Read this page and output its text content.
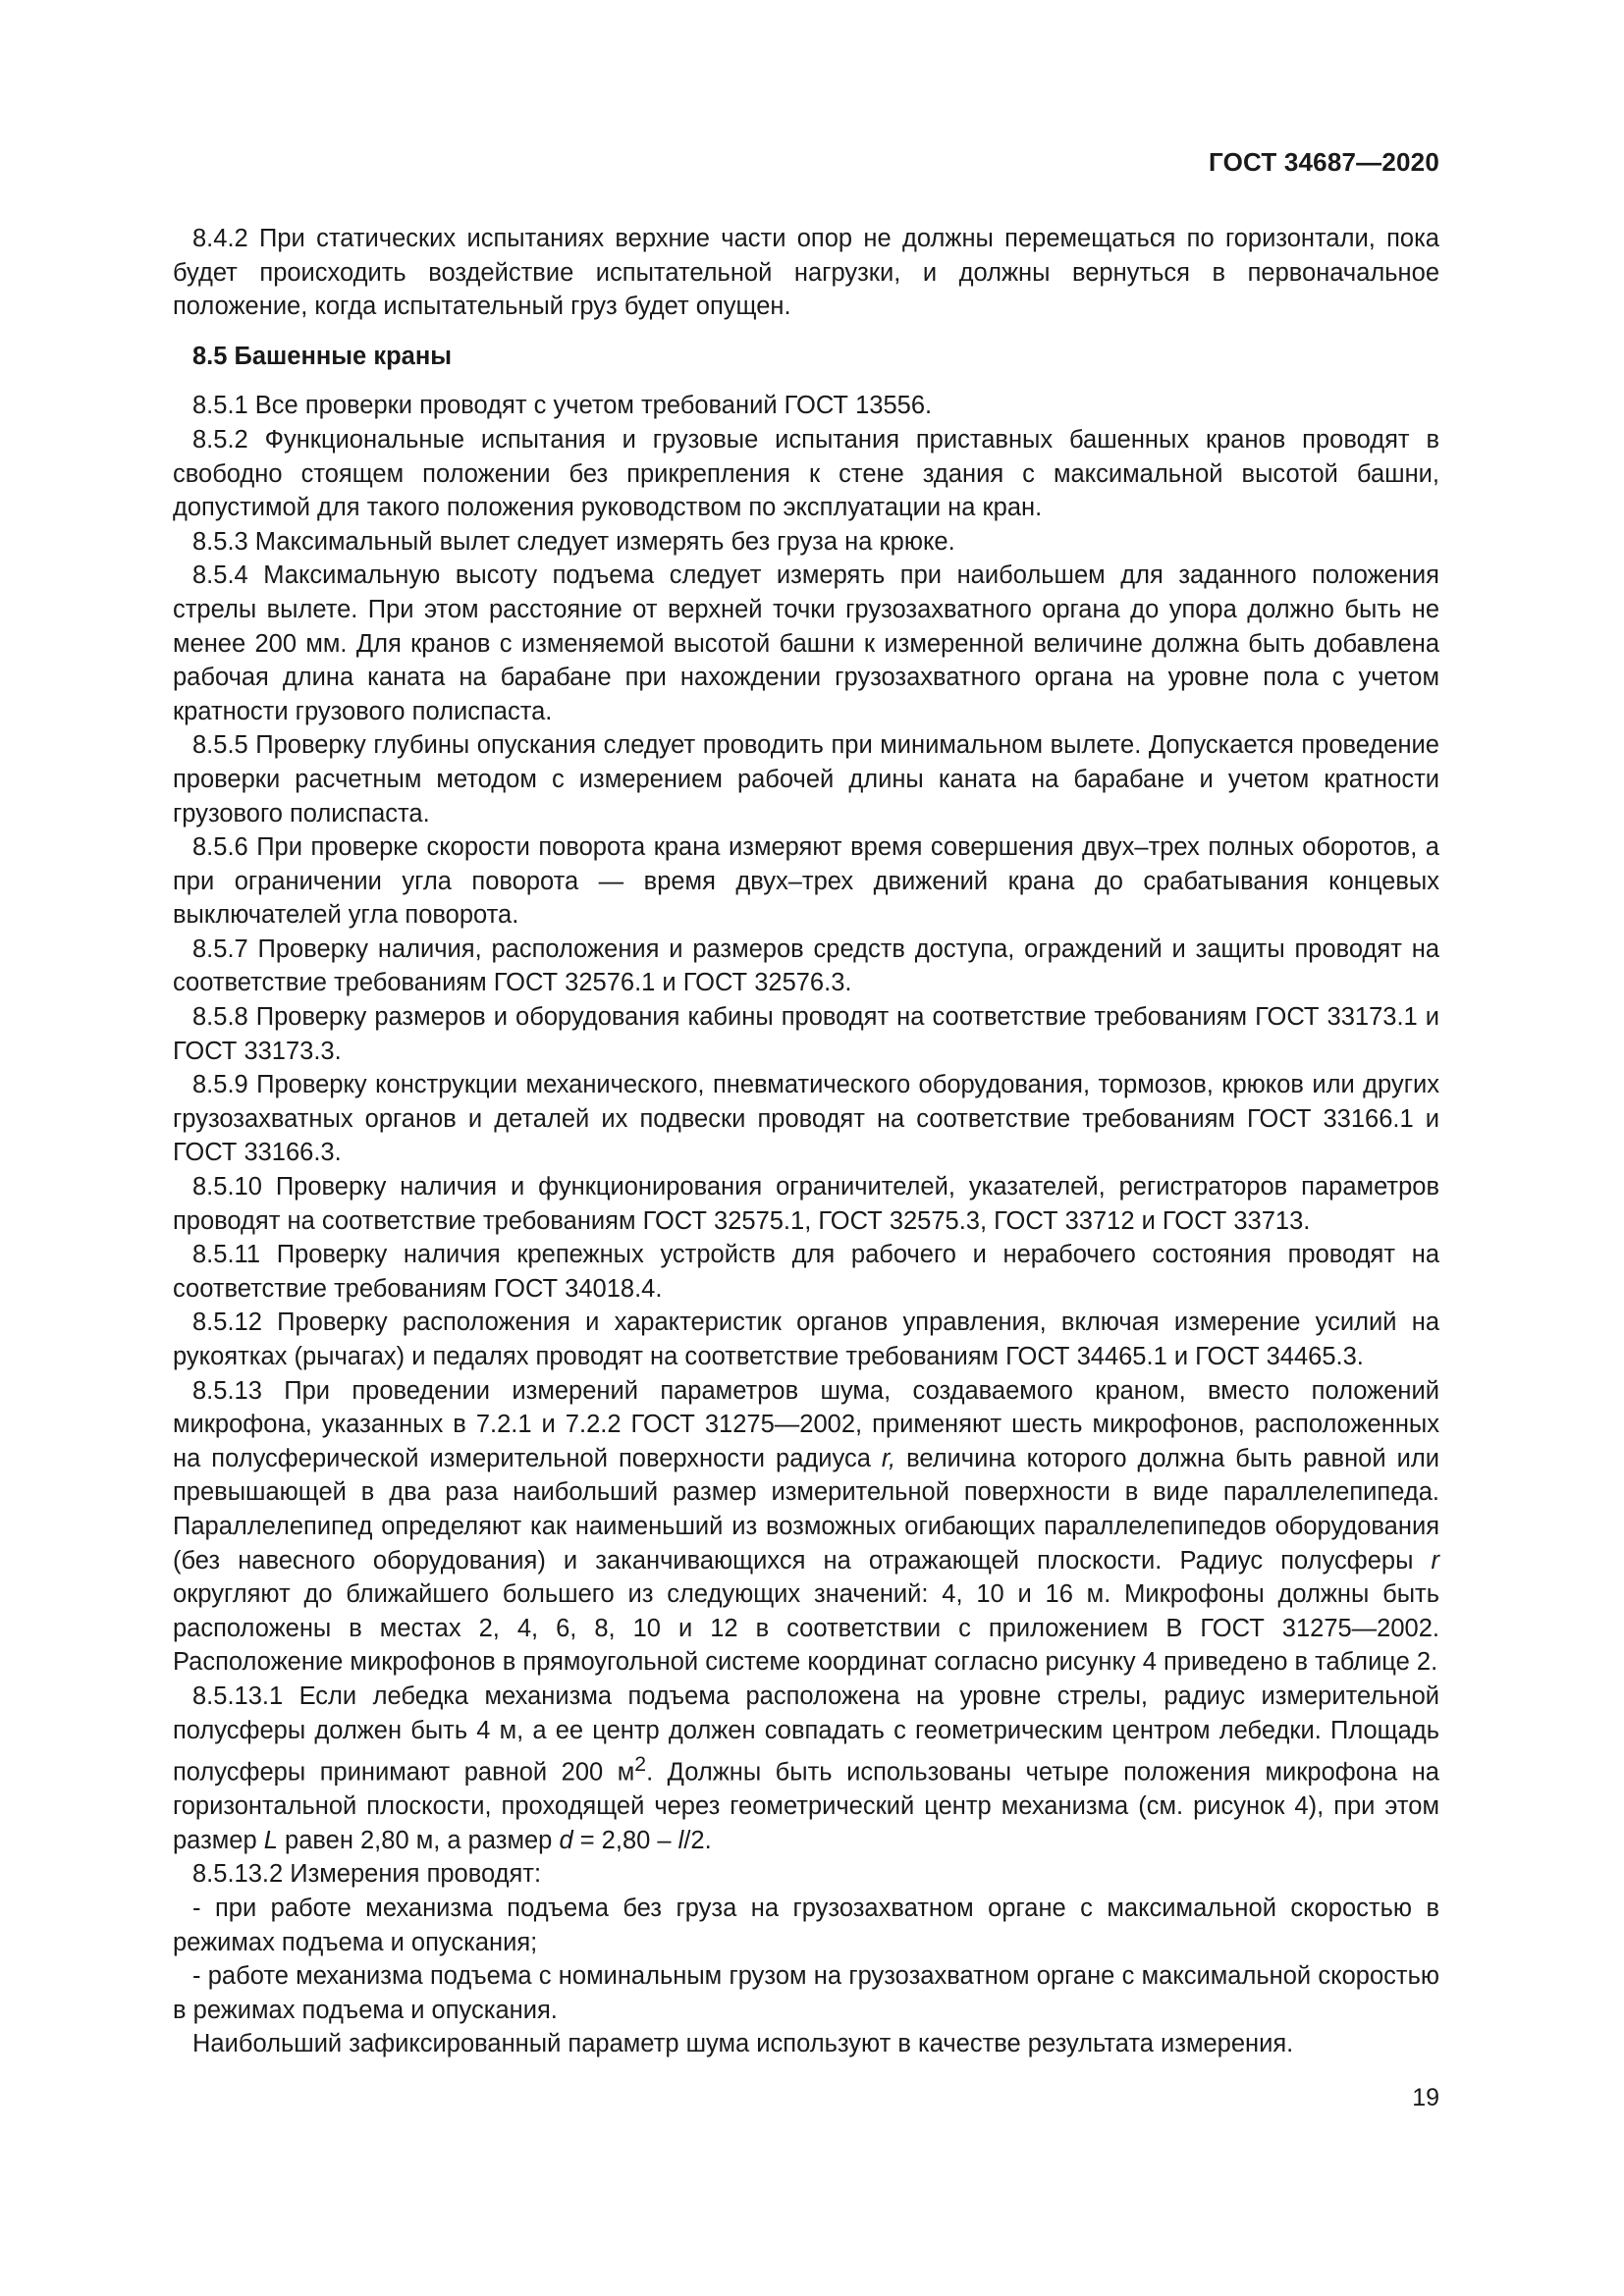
ГОСТ 34687—2020

8.4.2 При статических испытаниях верхние части опор не должны перемещаться по горизонтали, пока будет происходить воздействие испытательной нагрузки, и должны вернуться в первоначальное положение, когда испытательный груз будет опущен.

8.5 Башенные краны

8.5.1 Все проверки проводят с учетом требований ГОСТ 13556.

8.5.2 Функциональные испытания и грузовые испытания приставных башенных кранов проводят в свободно стоящем положении без прикрепления к стене здания с максимальной высотой башни, допустимой для такого положения руководством по эксплуатации на кран.

8.5.3 Максимальный вылет следует измерять без груза на крюке.

8.5.4 Максимальную высоту подъема следует измерять при наибольшем для заданного положения стрелы вылете. При этом расстояние от верхней точки грузозахватного органа до упора должно быть не менее 200 мм. Для кранов с изменяемой высотой башни к измеренной величине должна быть добавлена рабочая длина каната на барабане при нахождении грузозахватного органа на уровне пола с учетом кратности грузового полиспаста.

8.5.5 Проверку глубины опускания следует проводить при минимальном вылете. Допускается проведение проверки расчетным методом с измерением рабочей длины каната на барабане и учетом кратности грузового полиспаста.

8.5.6 При проверке скорости поворота крана измеряют время совершения двух–трех полных оборотов, а при ограничении угла поворота — время двух–трех движений крана до срабатывания концевых выключателей угла поворота.

8.5.7 Проверку наличия, расположения и размеров средств доступа, ограждений и защиты проводят на соответствие требованиям ГОСТ 32576.1 и ГОСТ 32576.3.

8.5.8 Проверку размеров и оборудования кабины проводят на соответствие требованиям ГОСТ 33173.1 и ГОСТ 33173.3.

8.5.9 Проверку конструкции механического, пневматического оборудования, тормозов, крюков или других грузозахватных органов и деталей их подвески проводят на соответствие требованиям ГОСТ 33166.1 и ГОСТ 33166.3.

8.5.10 Проверку наличия и функционирования ограничителей, указателей, регистраторов параметров проводят на соответствие требованиям ГОСТ 32575.1, ГОСТ 32575.3, ГОСТ 33712 и ГОСТ 33713.

8.5.11 Проверку наличия крепежных устройств для рабочего и нерабочего состояния проводят на соответствие требованиям ГОСТ 34018.4.

8.5.12 Проверку расположения и характеристик органов управления, включая измерение усилий на рукоятках (рычагах) и педалях проводят на соответствие требованиям ГОСТ 34465.1 и ГОСТ 34465.3.

8.5.13 При проведении измерений параметров шума, создаваемого краном, вместо положений микрофона, указанных в 7.2.1 и 7.2.2 ГОСТ 31275—2002, применяют шесть микрофонов, расположенных на полусферической измерительной поверхности радиуса r, величина которого должна быть равной или превышающей в два раза наибольший размер измерительной поверхности в виде параллелепипеда. Параллелепипед определяют как наименьший из возможных огибающих параллелепипедов оборудования (без навесного оборудования) и заканчивающихся на отражающей плоскости. Радиус полусферы r округляют до ближайшего большего из следующих значений: 4, 10 и 16 м. Микрофоны должны быть расположены в местах 2, 4, 6, 8, 10 и 12 в соответствии с приложением В ГОСТ 31275—2002. Расположение микрофонов в прямоугольной системе координат согласно рисунку 4 приведено в таблице 2.

8.5.13.1 Если лебедка механизма подъема расположена на уровне стрелы, радиус измерительной полусферы должен быть 4 м, а ее центр должен совпадать с геометрическим центром лебедки. Площадь полусферы принимают равной 200 $м^2$. Должны быть использованы четыре положения микрофона на горизонтальной плоскости, проходящей через геометрический центр механизма (см. рисунок 4), при этом размер L равен 2,80 м, а размер d = 2,80 – l/2.

8.5.13.2 Измерения проводят:

- при работе механизма подъема без груза на грузозахватном органе с максимальной скоростью в режимах подъема и опускания;

- работе механизма подъема с номинальным грузом на грузозахватном органе с максимальной скоростью в режимах подъема и опускания.

Наибольший зафиксированный параметр шума используют в качестве результата измерения.

19
